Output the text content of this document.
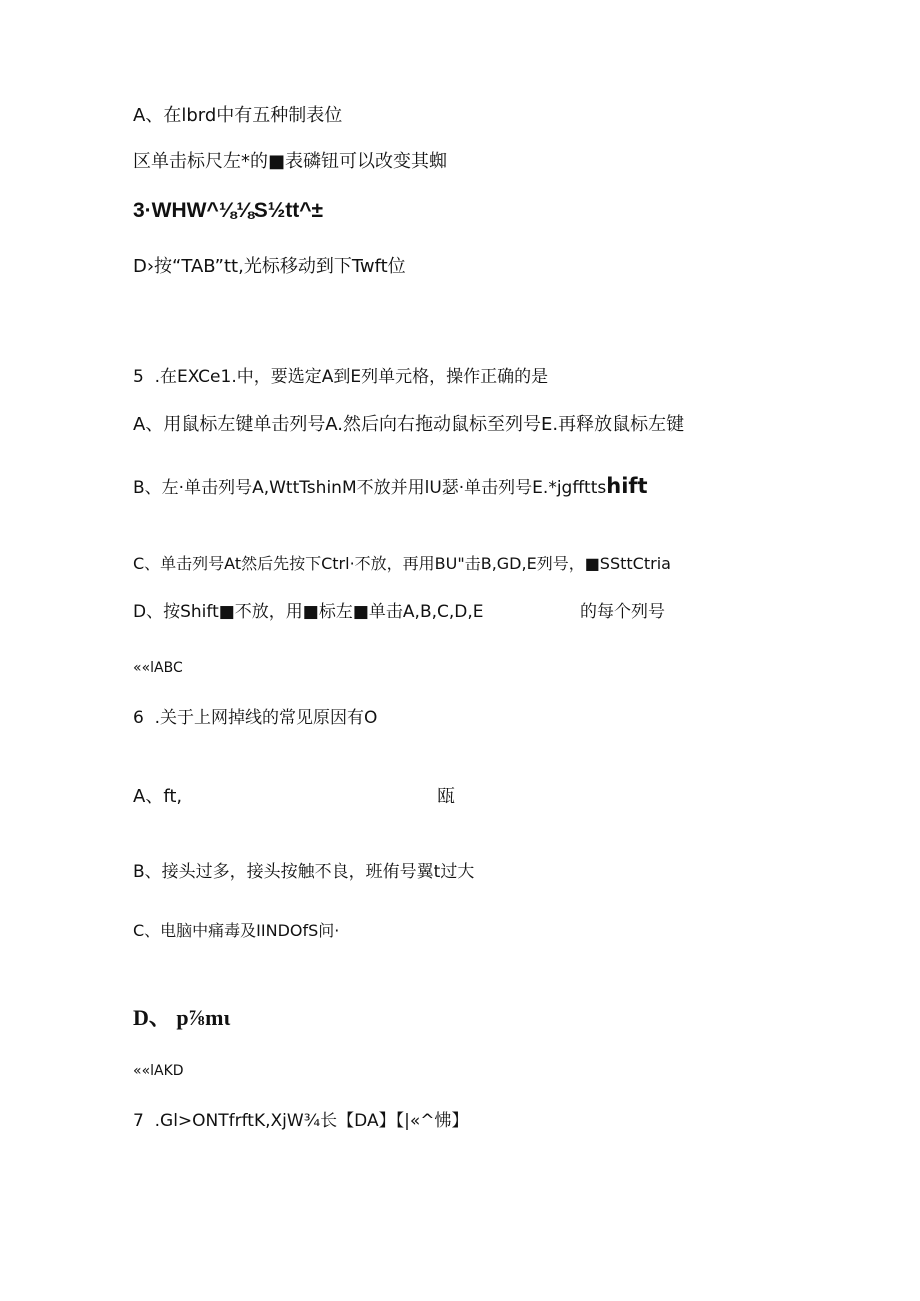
A、在lbrd中有五种制表位
区单击标尺左*的■表磷钮可以改变其蜘
3·WHW^⅛⅛S½tt^±
D›按“TAB”tt,光标移动到下Twft位
5  .在EXCe1.中，要选定A到E列单元格，操作正确的是
A、用鼠标左键单击列号A.然后向右拖动鼠标至列号E.再释放鼠标左键
B、左·单击列号A,WttTshinM不放并用lU瑟·单击列号E.*jgffttshift
C、单击列号At然后先按下Ctrl·不放，再用BU"击B,GD,E列号，■SSttCtria
D、按Shift■不放，用■标左■单击A,B,C,D,E	的每个列号
««lABC
6  .关于上网掉线的常见原因有O
A、ft,	瓯
B、接头过多，接头按触不良，班侑号翼t过大
C、电脑中痛毒及IINDOfS问·
D、 p⅞mι
««lAKD
7  .Gl>ONTfrftK,XjW¾长【DA】【|«^怫】
